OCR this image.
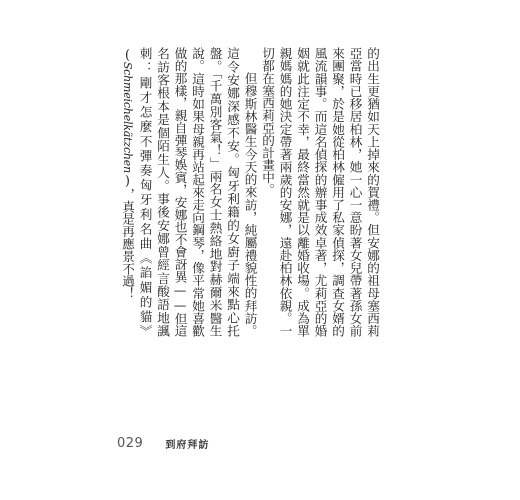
的出生更猶如天上掉來的賀禮。但安娜的祖母塞西莉亞當時已移居柏林，她一心一意盼著女兒帶著孫女前來團聚，於是她從柏林僱用了私家偵探，調查女婿的風流韻事。而這名偵探的辦事成效卓著，尤莉亞的婚姻就此注定不幸，最終當然就是以離婚收場。成為單親媽媽的她決定帶著兩歲的安娜，遠赴柏林依親。一切都在塞西莉亞的計畫中。

但穆斯林醫生今天的來訪，純屬禮貌性的拜訪。這令安娜深感不安。匈牙利籍的女廚子端來點心托盤。「千萬別客氣！」兩名女士熱絡地對赫爾米醫生說。這時如果母親再站起來走向鋼琴，像平常她喜歡做的那樣，親自彈琴娛賓，安娜也不會訝異——但這名訪客根本是個陌生人。事後安娜曾經言酸語地諷刺：剛才怎麼不彈奏匈牙利名曲《諂媚的貓》(Schmeichelkätzchen)，真是再應景不過！

029 到府拜訪
